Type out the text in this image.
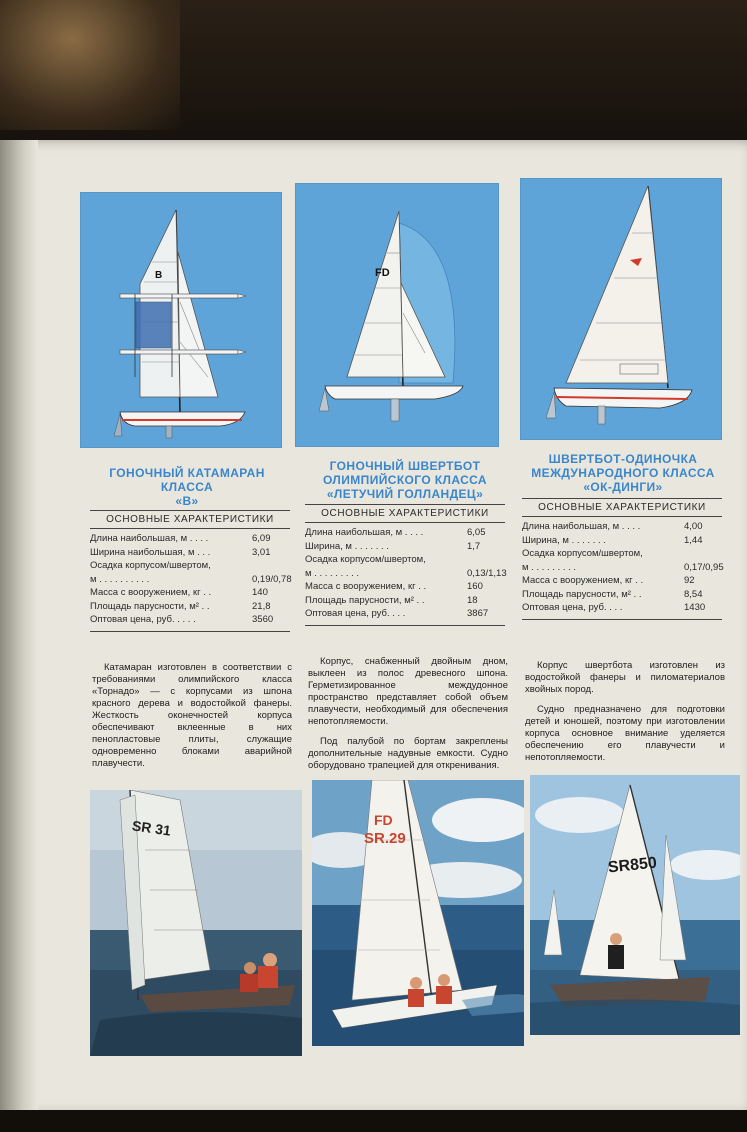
B	FD
ГОНОЧНЫЙ КАТАМАРАН
КЛАССА
«В»
ГОНОЧНЫЙ ШВЕРТБОТ
ОЛИМПИЙСКОГО КЛАССА
«ЛЕТУЧИЙ ГОЛЛАНДЕЦ»
ШВЕРТБОТ-ОДИНОЧКА
МЕЖДУНАРОДНОГО КЛАССА
«ОК-ДИНГИ»
ОСНОВНЫЕ ХАРАКТЕРИСТИКИ
Длина наибольшая, м . . . .	6,09
Ширина наибольшая, м . . .	3,01
Осадка корпусом/швертом,
м . . . . . . . . . .	0,19/0,78
Масса с вооружением, кг . .	140
Площадь парусности, м² . .	21,8
Оптовая цена, руб. . . . .	3560
ОСНОВНЫЕ ХАРАКТЕРИСТИКИ
Длина наибольшая, м . . . .	6,05
Ширина, м . . . . . . .	1,7
Осадка корпусом/швертом,
м . . . . . . . . .	0,13/1,13
Масса с вооружением, кг . .	160
Площадь парусности, м² . .	18
Оптовая цена, руб. . . .	3867
ОСНОВНЫЕ ХАРАКТЕРИСТИКИ
Длина наибольшая, м . . . .	4,00
Ширина, м . . . . . . .	1,44
Осадка корпусом/швертом,
м . . . . . . . . .	0,17/0,95
Масса с вооружением, кг . .	92
Площадь парусности, м² . .	8,54
Оптовая цена, руб. . . .	1430

Катамаран изготовлен в соответствии с требованиями олимпийского класса «Торнадо» — с корпусами из шпона красного дерева и водостойкой фанеры. Жесткость оконечностей корпуса обеспечивают вклеенные в них пенопластовые плиты, служащие одновременно блоками аварийной плавучести.

Корпус, снабженный двойным дном, выклеен из полос древесного шпона. Герметизированное междудонное пространство представляет собой объем плавучести, необходимый для обеспечения непотопляемости.

Под палубой по бортам закреплены дополнительные надувные емкости. Судно оборудовано трапецией для откренивания.

Корпус швертбота изготовлен из водостойкой фанеры и пиломатериалов хвойных пород.

Судно предназначено для подготовки детей и юношей, поэтому при изготовлении корпуса основное внимание уделяется обеспечению его плавучести и непотопляемости.

SR 31	FD
SR.29
SR850
